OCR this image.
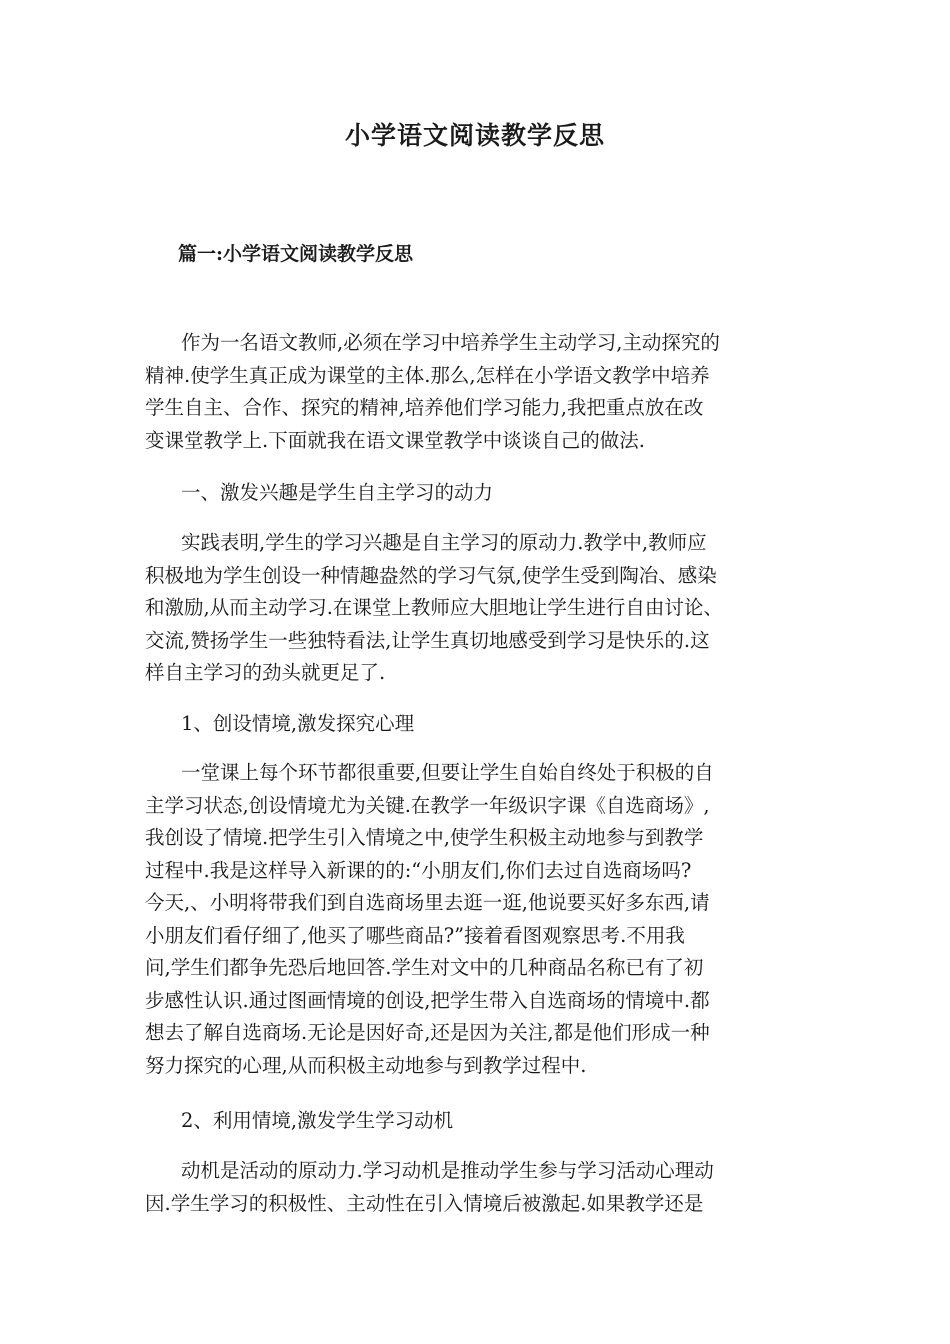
小学语文阅读教学反思
篇一:小学语文阅读教学反思
作为一名语文教师,必须在学习中培养学生主动学习,主动探究的
精神.使学生真正成为课堂的主体.那么,怎样在小学语文教学中培养
学生自主、合作、探究的精神,培养他们学习能力,我把重点放在改
变课堂教学上.下面就我在语文课堂教学中谈谈自己的做法.
一、激发兴趣是学生自主学习的动力
实践表明,学生的学习兴趣是自主学习的原动力.教学中,教师应
积极地为学生创设一种情趣盎然的学习气氛,使学生受到陶冶、感染
和激励,从而主动学习.在课堂上教师应大胆地让学生进行自由讨论、
交流,赞扬学生一些独特看法,让学生真切地感受到学习是快乐的.这
样自主学习的劲头就更足了.
1、创设情境,激发探究心理
一堂课上每个环节都很重要,但要让学生自始自终处于积极的自
主学习状态,创设情境尤为关键.在教学一年级识字课《自选商场》,
我创设了情境.把学生引入情境之中,使学生积极主动地参与到教学
过程中.我是这样导入新课的的:“小朋友们,你们去过自选商场吗?
今天,、小明将带我们到自选商场里去逛一逛,他说要买好多东西,请
小朋友们看仔细了,他买了哪些商品?”接着看图观察思考.不用我
问,学生们都争先恐后地回答.学生对文中的几种商品名称已有了初
步感性认识.通过图画情境的创设,把学生带入自选商场的情境中.都
想去了解自选商场.无论是因好奇,还是因为关注,都是他们形成一种
努力探究的心理,从而积极主动地参与到教学过程中.
2、利用情境,激发学生学习动机
动机是活动的原动力.学习动机是推动学生参与学习活动心理动
因.学生学习的积极性、主动性在引入情境后被激起.如果教学还是
